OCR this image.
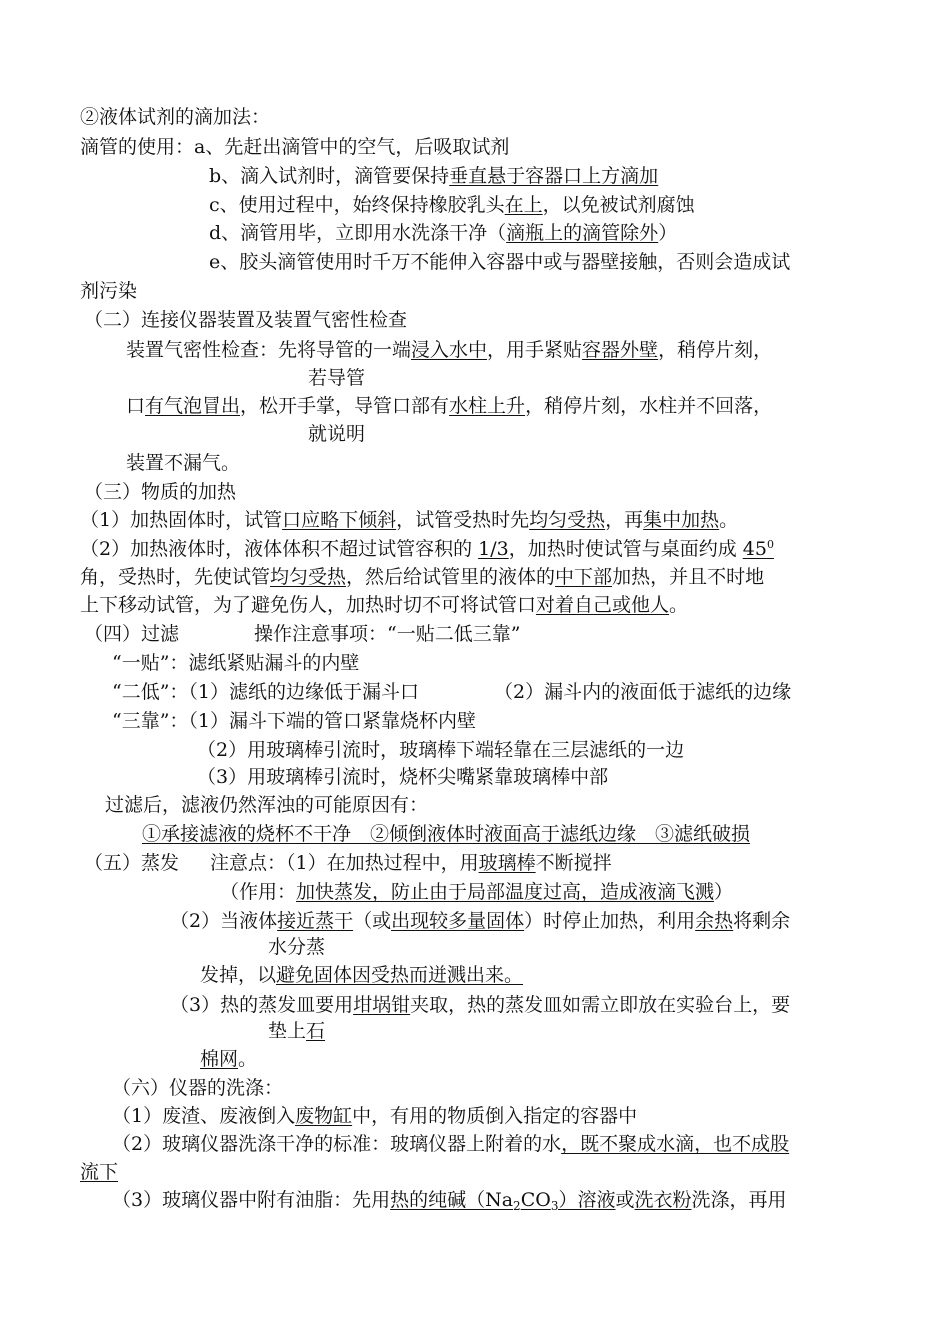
②液体试剂的滴加法：
滴管的使用：a、先赶出滴管中的空气，后吸取试剂
b、滴入试剂时，滴管要保持垂直悬于容器口上方滴加
c、使用过程中，始终保持橡胶乳头在上，以免被试剂腐蚀
d、滴管用毕，立即用水洗涤干净（滴瓶上的滴管除外）
e、胶头滴管使用时千万不能伸入容器中或与器壁接触，否则会造成试
剂污染
（二）连接仪器装置及装置气密性检查
装置气密性检查：先将导管的一端浸入水中，用手紧贴容器外壁，稍停片刻，
若导管
口有气泡冒出，松开手掌，导管口部有水柱上升，稍停片刻，水柱并不回落，
就说明
装置不漏气。
（三）物质的加热
（1）加热固体时，试管口应略下倾斜，试管受热时先均匀受热，再集中加热。
（2）加热液体时，液体体积不超过试管容积的 1/3，加热时使试管与桌面约成 $45^0$
角，受热时，先使试管均匀受热，然后给试管里的液体的中下部加热，并且不时地
上下移动试管，为了避免伤人，加热时切不可将试管口对着自己或他人。
（四）过滤	操作注意事项：“一贴二低三靠”
“一贴”：滤纸紧贴漏斗的内壁
“二低”：（1）滤纸的边缘低于漏斗口	（2）漏斗内的液面低于滤纸的边缘
“三靠”：（1）漏斗下端的管口紧靠烧杯内壁
（2）用玻璃棒引流时，玻璃棒下端轻靠在三层滤纸的一边
（3）用玻璃棒引流时，烧杯尖嘴紧靠玻璃棒中部
过滤后，滤液仍然浑浊的可能原因有：
①承接滤液的烧杯不干净　②倾倒液体时液面高于滤纸边缘　③滤纸破损
（五）蒸发 注意点：（1）在加热过程中，用玻璃棒不断搅拌
（作用：加快蒸发，防止由于局部温度过高，造成液滴飞溅）
（2）当液体接近蒸干（或出现较多量固体）时停止加热，利用余热将剩余
水分蒸
发掉，以避免固体因受热而迸溅出来。
（3）热的蒸发皿要用坩埚钳夹取，热的蒸发皿如需立即放在实验台上，要
垫上石
棉网。
（六）仪器的洗涤：
（1）废渣、废液倒入废物缸中，有用的物质倒入指定的容器中
（2）玻璃仪器洗涤干净的标准：玻璃仪器上附着的水，既不聚成水滴，也不成股
流下
（3）玻璃仪器中附有油脂：先用热的纯碱$(Na_2CO_3)$溶液或洗衣粉洗涤，再用
